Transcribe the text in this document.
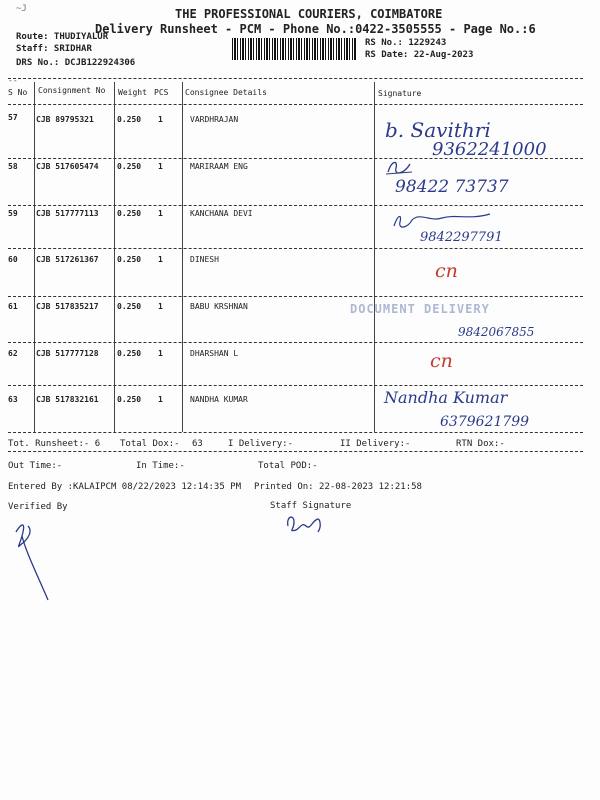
~J	THE PROFESSIONAL COURIERS, COIMBATORE
Delivery Runsheet - PCM - Phone No.:0422-3505555 - Page No.:6
Route: THUDIYALUR
Staff: SRIDHAR
DRS No.: DCJB122924306
RS No.: 1229243
RS Date: 22-Aug-2023
--
S No Consignment No Weight PCS Consignee Details	Signature
57 CJB 89795321	0.250 1	VARDHRAJAN	b. Savithri
9362241000
58 CJB 517605474 0.250 1	MARIRAAM ENG
98422 73737
59 CJB 517777113 0.250 1	KANCHANA DEVI
9842297791
60 CJB 517261367 0.250 1	DINESH
cn
61 CJB 517835217 0.250 1	BABU KRSHNAN	DOCUMENT DELIVERY
9842067855
62 CJB 517777128 0.250 1	DHARSHAN L	cn
63 CJB 517832161 0.250 1	NANDHA KUMAR	Nandha Kumar
6379621799
Tot. Runsheet:- 6 Total Dox:- 63	I Delivery:-	II Delivery:-	RTN Dox:-
Out Time:-	In Time:-	Total POD:-
Entered By :KALAIPCM 08/22/2023 12:14:35 PM Printed On: 22-08-2023 12:21:58
Verified By	Staff Signature
